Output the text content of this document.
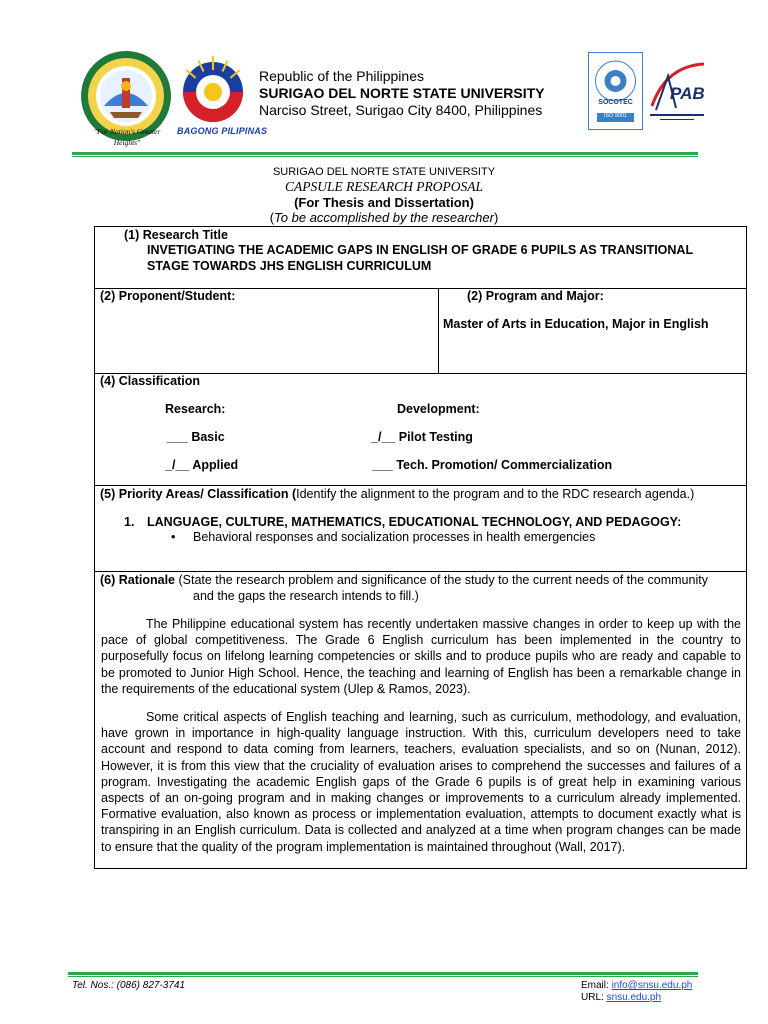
"For Nation's Greater Heights"
BAGONG PILIPINAS
Republic of the Philippines
SURIGAO DEL NORTE STATE UNIVERSITY
Narciso Street, Surigao City 8400, Philippines	SOCOTEC
ISO 9001
PAB
SURIGAO DEL NORTE STATE UNIVERSITY
CAPSULE RESEARCH PROPOSAL
(For Thesis and Dissertation)
(To be accomplished by the researcher)
(1) Research Title
INVETIGATING THE ACADEMIC GAPS IN ENGLISH OF GRADE 6 PUPILS AS TRANSITIONAL
STAGE TOWARDS JHS ENGLISH CURRICULUM
(2) Proponent/Student:	(2) Program and Major:
Master of Arts in Education, Major in English
(4) Classification
Research:	Development:
___ Basic	_/__ Pilot Testing
_/__ Applied	___ Tech. Promotion/ Commercialization
(5) Priority Areas/ Classification (Identify the alignment to the program and to the RDC research agenda.)
1. LANGUAGE, CULTURE, MATHEMATICS, EDUCATIONAL TECHNOLOGY, AND PEDAGOGY:
• Behavioral responses and socialization processes in health emergencies
(6) Rationale (State the research problem and significance of the study to the current needs of the community
and the gaps the research intends to fill.)

The Philippine educational system has recently undertaken massive changes in order to keep up with the pace of global competitiveness. The Grade 6 English curriculum has been implemented in the country to purposefully focus on lifelong learning competencies or skills and to produce pupils who are ready and capable to be promoted to Junior High School. Hence, the teaching and learning of English has been a remarkable change in the requirements of the educational system (Ulep & Ramos, 2023).

Some critical aspects of English teaching and learning, such as curriculum, methodology, and evaluation, have grown in importance in high-quality language instruction. With this, curriculum developers need to take account and respond to data coming from learners, teachers, evaluation specialists, and so on (Nunan, 2012). However, it is from this view that the cruciality of evaluation arises to comprehend the successes and failures of a program. Investigating the academic English gaps of the Grade 6 pupils is of great help in examining various aspects of an on-going program and in making changes or improvements to a curriculum already implemented. Formative evaluation, also known as process or implementation evaluation, attempts to document exactly what is transpiring in an English curriculum. Data is collected and analyzed at a time when program changes can be made to ensure that the quality of the program implementation is maintained throughout (Wall, 2017).

Tel. Nos.: (086) 827-3741	Email: info@snsu.edu.ph
URL: snsu.edu.ph
